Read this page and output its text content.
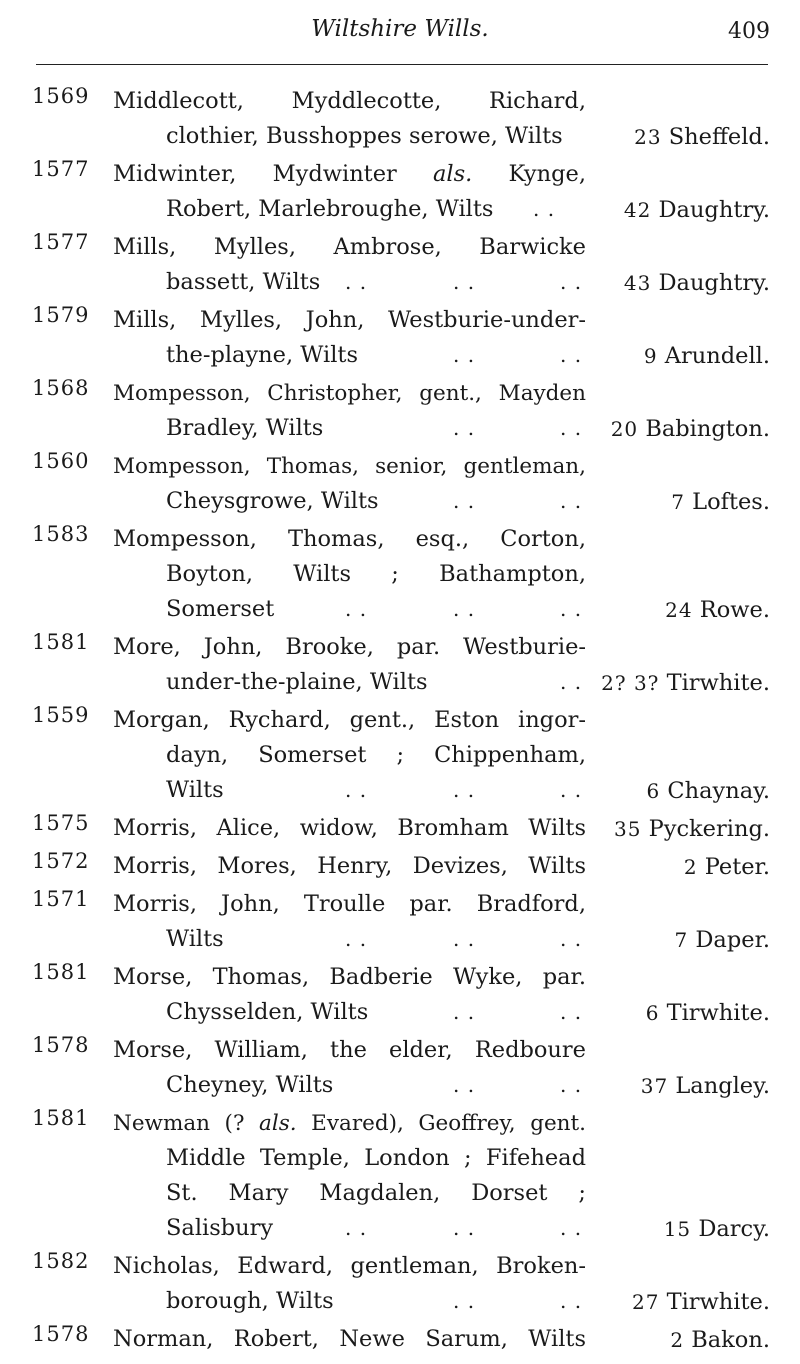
Wiltshire Wills.	409
1569 Middlecott, Myddlecotte, Richard,
clothier, Busshoppes serowe, Wilts	23 Sheffeld.
1577 Midwinter, Mydwinter als. Kynge,
Robert, Marlebroughe, Wilts . .	42 Daughtry.
1577 Mills, Mylles, Ambrose, Barwicke
bassett, Wilts . .	. .	. . 43 Daughtry.
1579 Mills, Mylles, John, Westburie-under-
the-playne, Wilts	. .	. .	9 Arundell.
1568 Mompesson, Christopher, gent., Mayden
Bradley, Wilts	. .	. . 20 Babington.
1560 Mompesson, Thomas, senior, gentleman,
Cheysgrowe, Wilts	. .	. .	7 Loftes.
1583 Mompesson, Thomas, esq., Corton,
Boyton, Wilts ; Bathampton,
Somerset	. .	. .	. .	24 Rowe.
1581 More, John, Brooke, par. Westburie-
under-the-plaine, Wilts	. . 2? 3? Tirwhite.
1559 Morgan, Rychard, gent., Eston ingor-
dayn, Somerset ; Chippenham,
Wilts	. .	. .	. .	6 Chaynay.
1575 Morris, Alice, widow, Bromham Wilts 35 Pyckering.
1572 Morris, Mores, Henry, Devizes, Wilts	2 Peter.
1571 Morris, John, Troulle par. Bradford,
Wilts	. .	. .	. .	7 Daper.
1581 Morse, Thomas, Badberie Wyke, par.
Chysselden, Wilts	. .	. .	6 Tirwhite.
1578 Morse, William, the elder, Redboure
Cheyney, Wilts	. .	. .	37 Langley.
1581 Newman (? als. Evared), Geoffrey, gent.
Middle Temple, London ; Fifehead
St. Mary Magdalen, Dorset ;
Salisbury	. .	. .	. .	15 Darcy.
1582 Nicholas, Edward, gentleman, Broken-
borough, Wilts	. .	. . 27 Tirwhite.
1578 Norman, Robert, Newe Sarum, Wilts	2 Bakon.
